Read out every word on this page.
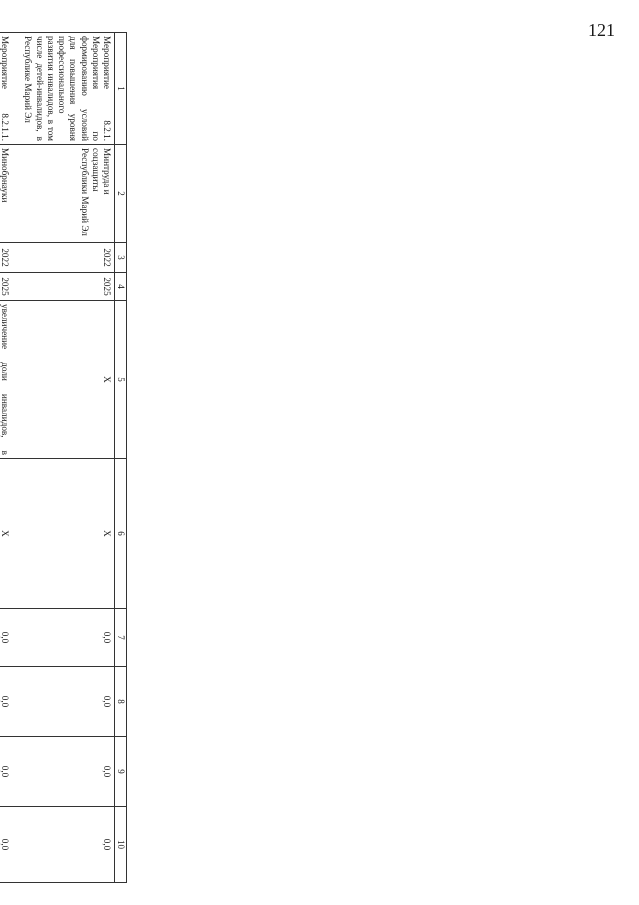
121
1	2	3	4	5	6	7	8	9	10
Мероприятие 8.2.1. Мероприятия по формированию условий для повышения уровня профессионального развития инвалидов, в том числе детей-инвалидов, в Республике Марий Эл	Минтруда и соцзащиты Республики Марий Эл	2022	2025	X	X	0,0	0,0	0,0	0,0
Мероприятие 8.2.1.1.	Минобрнауки	2022	2025	увеличение доли инвалидов, в	X	0,0	0,0	0,0	0,0
